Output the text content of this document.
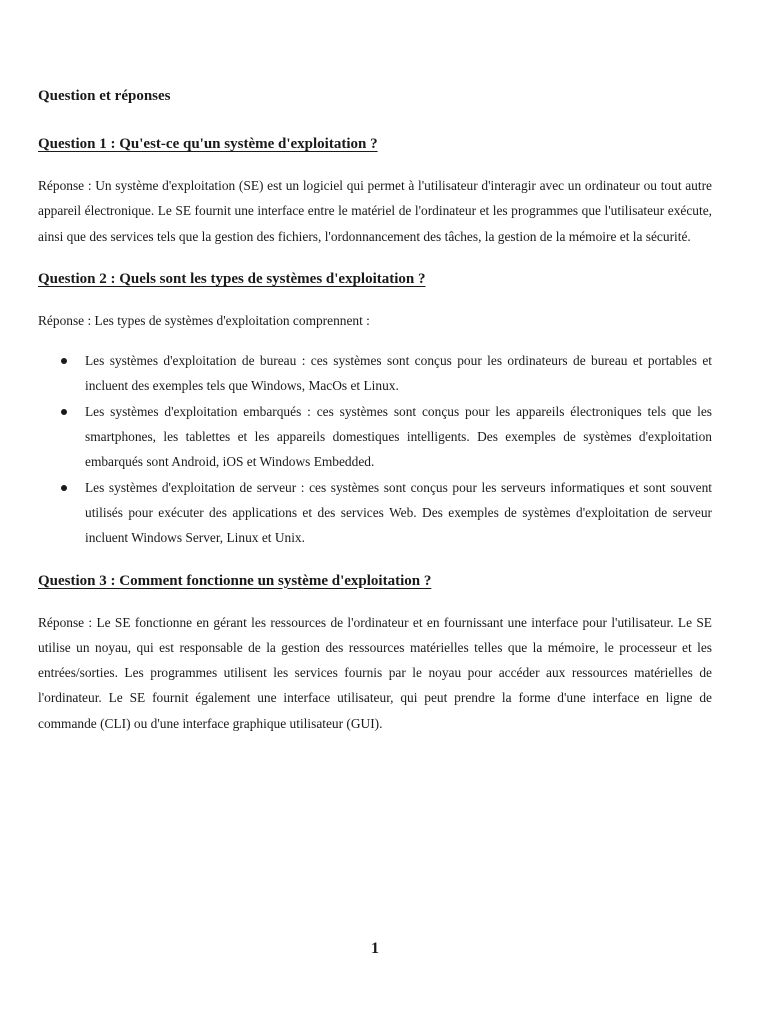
Question et réponses
Question 1 : Qu'est-ce qu'un système d'exploitation ?

Réponse : Un système d'exploitation (SE) est un logiciel qui permet à l'utilisateur d'interagir avec un ordinateur ou tout autre appareil électronique. Le SE fournit une interface entre le matériel de l'ordinateur et les programmes que l'utilisateur exécute, ainsi que des services tels que la gestion des fichiers, l'ordonnancement des tâches, la gestion de la mémoire et la sécurité.

Question 2 : Quels sont les types de systèmes d'exploitation ?

Réponse : Les types de systèmes d'exploitation comprennent :

Les systèmes d'exploitation de bureau : ces systèmes sont conçus pour les ordinateurs de bureau et portables et incluent des exemples tels que Windows, MacOs et Linux.
Les systèmes d'exploitation embarqués : ces systèmes sont conçus pour les appareils électroniques tels que les smartphones, les tablettes et les appareils domestiques intelligents. Des exemples de systèmes d'exploitation embarqués sont Android, iOS et Windows Embedded.
Les systèmes d'exploitation de serveur : ces systèmes sont conçus pour les serveurs informatiques et sont souvent utilisés pour exécuter des applications et des services Web. Des exemples de systèmes d'exploitation de serveur incluent Windows Server, Linux et Unix.
Question 3 : Comment fonctionne un système d'exploitation ?

Réponse : Le SE fonctionne en gérant les ressources de l'ordinateur et en fournissant une interface pour l'utilisateur. Le SE utilise un noyau, qui est responsable de la gestion des ressources matérielles telles que la mémoire, le processeur et les entrées/sorties. Les programmes utilisent les services fournis par le noyau pour accéder aux ressources matérielles de l'ordinateur. Le SE fournit également une interface utilisateur, qui peut prendre la forme d'une interface en ligne de commande (CLI) ou d'une interface graphique utilisateur (GUI).

1
